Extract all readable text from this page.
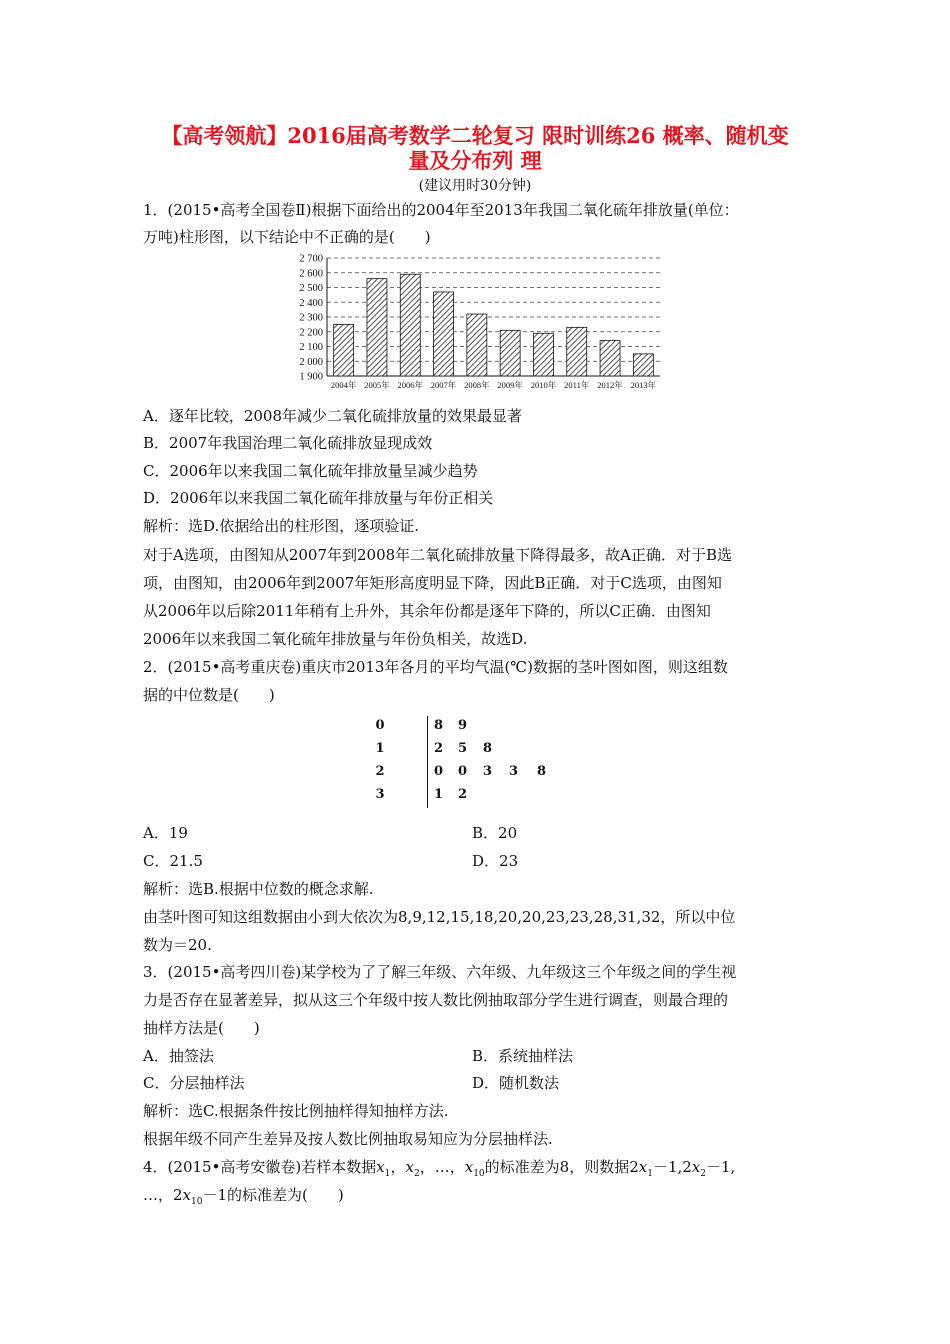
【高考领航】2016届高考数学二轮复习 限时训练26 概率、随机变
量及分布列 理
(建议用时30分钟)
1．(2015•高考全国卷Ⅱ)根据下面给出的2004年至2013年我国二氧化硫年排放量(单位：
万吨)柱形图，以下结论中不正确的是(　　)
1 900
2 000
2 100
2 200
2 300
2 400
2 500
2 600
2 700
2004年 2005年 2006年 2007年 2008年 2009年 2010年 2011年 2012年 2013年
A．逐年比较，2008年减少二氧化硫排放量的效果最显著
B．2007年我国治理二氧化硫排放显现成效
C．2006年以来我国二氧化硫年排放量呈减少趋势
D．2006年以来我国二氧化硫年排放量与年份正相关
解析：选D.依据给出的柱形图，逐项验证.
对于A选项，由图知从2007年到2008年二氧化硫排放量下降得最多，故A正确．对于B选
项，由图知，由2006年到2007年矩形高度明显下降，因此B正确．对于C选项，由图知
从2006年以后除2011年稍有上升外，其余年份都是逐年下降的，所以C正确．由图知
2006年以来我国二氧化硫年排放量与年份负相关，故选D.
2．(2015•高考重庆卷)重庆市2013年各月的平均气温(℃)数据的茎叶图如图，则这组数
据的中位数是(　　)
0	8 9
1	2 5 8
2	0 0 3 3 8
3	1 2
A．19	B．20
C．21.5	D．23
解析：选B.根据中位数的概念求解.
由茎叶图可知这组数据由小到大依次为8,9,12,15,18,20,20,23,23,28,31,32，所以中位
数为＝20.
3．(2015•高考四川卷)某学校为了了解三年级、六年级、九年级这三个年级之间的学生视
力是否存在显著差异，拟从这三个年级中按人数比例抽取部分学生进行调查，则最合理的
抽样方法是(　　)
A．抽签法	B．系统抽样法
C．分层抽样法	D．随机数法
解析：选C.根据条件按比例抽样得知抽样方法.
根据年级不同产生差异及按人数比例抽取易知应为分层抽样法.
4．(2015•高考安徽卷)若样本数据$x_1$，$x_2$，…，$x_{10}$的标准差为8，则数据$2x_1-1,2x_2-1$,
…，$2x_{10}-1$的标准差为(　　)
